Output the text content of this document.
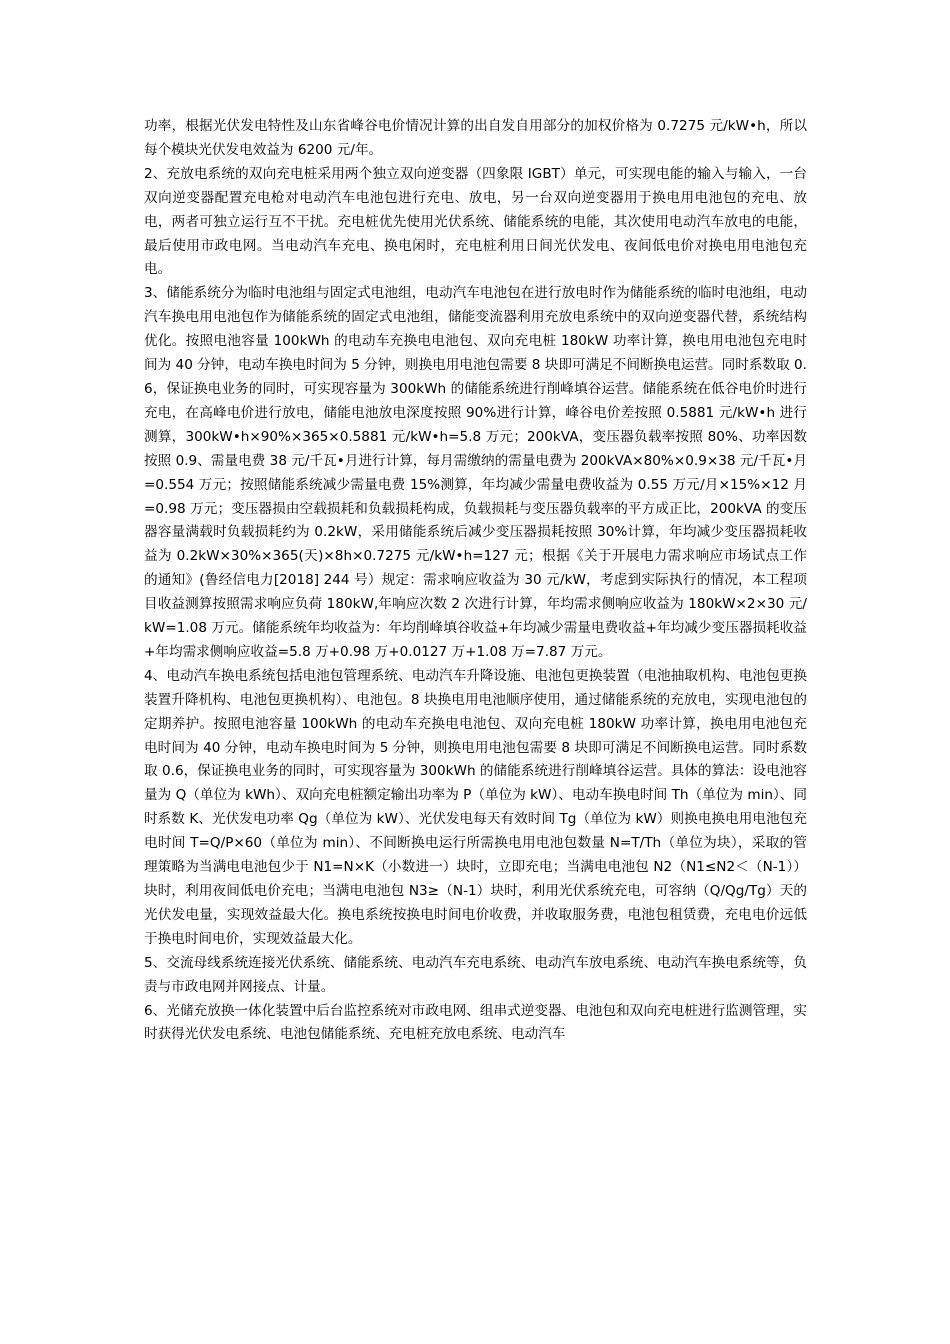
功率，根据光伏发电特性及山东省峰谷电价情况计算的出自发自用部分的加权价格为 0.7275 元/kW•h，所以每个模块光伏发电效益为 6200 元/年。

2、充放电系统的双向充电桩采用两个独立双向逆变器（四象限 IGBT）单元，可实现电能的输入与输入，一台双向逆变器配置充电枪对电动汽车电池包进行充电、放电，另一台双向逆变器用于换电用电池包的充电、放电，两者可独立运行互不干扰。充电桩优先使用光伏系统、储能系统的电能，其次使用电动汽车放电的电能，最后使用市政电网。当电动汽车充电、换电闲时，充电桩利用日间光伏发电、夜间低电价对换电用电池包充电。

3、储能系统分为临时电池组与固定式电池组，电动汽车电池包在进行放电时作为储能系统的临时电池组，电动汽车换电用电池包作为储能系统的固定式电池组，储能变流器利用充放电系统中的双向逆变器代替，系统结构优化。按照电池容量 100kWh 的电动车充换电电池包、双向充电桩 180kW 功率计算，换电用电池包充电时间为 40 分钟，电动车换电时间为 5 分钟，则换电用电池包需要 8 块即可满足不间断换电运营。同时系数取 0.6，保证换电业务的同时，可实现容量为 300kWh 的储能系统进行削峰填谷运营。储能系统在低谷电价时进行充电，在高峰电价进行放电，储能电池放电深度按照 90%进行计算，峰谷电价差按照 0.5881 元/kW•h 进行测算，300kW•h×90%×365×0.5881 元/kW•h=5.8 万元；200kVA，变压器负载率按照 80%、功率因数按照 0.9、需量电费 38 元/千瓦•月进行计算，每月需缴纳的需量电费为 200kVA×80%×0.9×38 元/千瓦•月=0.554 万元；按照储能系统减少需量电费 15%测算，年均减少需量电费收益为 0.55 万元/月×15%×12 月=0.98 万元；变压器损由空载损耗和负载损耗构成，负载损耗与变压器负载率的平方成正比，200kVA 的变压器容量满载时负载损耗约为 0.2kW，采用储能系统后减少变压器损耗按照 30%计算，年均减少变压器损耗收益为 0.2kW×30%×365(天)×8h×0.7275 元/kW•h=127 元；根据《关于开展电力需求响应市场试点工作的通知》(鲁经信电力[2018] 244 号）规定：需求响应收益为 30 元/kW，考虑到实际执行的情况，本工程项目收益测算按照需求响应负荷 180kW,年响应次数 2 次进行计算，年均需求侧响应收益为 180kW×2×30 元/kW=1.08 万元。储能系统年均收益为：年均削峰填谷收益+年均减少需量电费收益+年均减少变压器损耗收益+年均需求侧响应收益=5.8 万+0.98 万+0.0127 万+1.08 万=7.87 万元。

4、电动汽车换电系统包括电池包管理系统、电动汽车升降设施、电池包更换装置（电池抽取机构、电池包更换装置升降机构、电池包更换机构）、电池包。8 块换电用电池顺序使用，通过储能系统的充放电，实现电池包的定期养护。按照电池容量 100kWh 的电动车充换电电池包、双向充电桩 180kW 功率计算，换电用电池包充电时间为 40 分钟，电动车换电时间为 5 分钟，则换电用电池包需要 8 块即可满足不间断换电运营。同时系数取 0.6，保证换电业务的同时，可实现容量为 300kWh 的储能系统进行削峰填谷运营。具体的算法：设电池容量为 Q（单位为 kWh）、双向充电桩额定输出功率为 P（单位为 kW）、电动车换电时间 Th（单位为 min）、同时系数 K、光伏发电功率 Qg（单位为 kW）、光伏发电每天有效时间 Tg（单位为 kW）则换电换电用电池包充电时间 T=Q/P×60（单位为 min）、不间断换电运行所需换电用电池包数量 N=T/Th（单位为块），采取的管理策略为当满电电池包少于 N1=N×K（小数进一）块时，立即充电；当满电电池包 N2（N1≤N2＜（N-1））块时，利用夜间低电价充电；当满电电池包 N3≥（N-1）块时，利用光伏系统充电，可容纳（Q/Qg/Tg）天的光伏发电量，实现效益最大化。换电系统按换电时间电价收费，并收取服务费，电池包租赁费，充电电价远低于换电时间电价，实现效益最大化。

5、交流母线系统连接光伏系统、储能系统、电动汽车充电系统、电动汽车放电系统、电动汽车换电系统等，负责与市政电网并网接点、计量。

6、光储充放换一体化装置中后台监控系统对市政电网、组串式逆变器、电池包和双向充电桩进行监测管理，实时获得光伏发电系统、电池包储能系统、充电桩充放电系统、电动汽车
